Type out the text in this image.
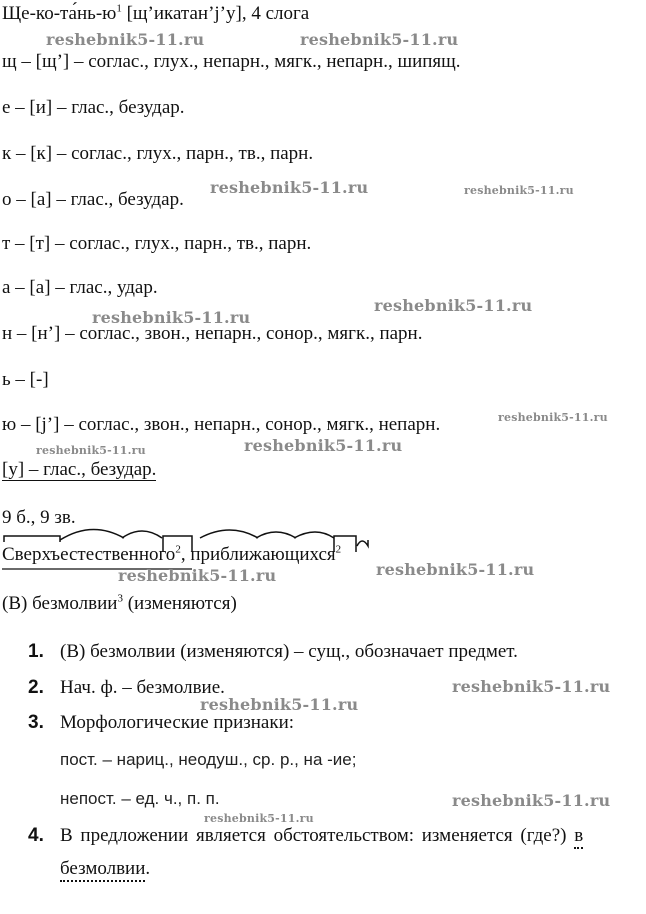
$Ще-ко-та́нь-ю^1$ [щ’икатан’j’у], 4 слога
щ – [щ’] – соглас., глух., непарн., мягк., непарн., шипящ.
е – [и] – глас., безудар.
к – [к] – соглас., глух., парн., тв., парн.
о – [а] – глас., безудар.
т – [т] – соглас., глух., парн., тв., парн.
а – [а] – глас., удар.
н – [н’] – соглас., звон., непарн., сонор., мягк., парн.
ь – [-]
ю – [j’] – соглас., звон., непарн., сонор., мягк., непарн.
[у] – глас., безудар.
9 б., 9 зв.
Сверхъестественного$^2$, приближающихся$^2$
(В) безмолвии$^3$ (изменяются)
1. (В) безмолвии (изменяются) – сущ., обозначает предмет.
2. Нач. ф. – безмолвие.
3. Морфологические признаки:
пост. – нариц., неодуш., ср. р., на -ие;
непост. – ед. ч., п. п.
4. В предложении является обстоятельством: изменяется (где?) в
безмолвии.
reshebnik5-11.ru	reshebnik5-11.ru
reshebnik5-11.ru	reshebnik5-11.ru
reshebnik5-11.ru
reshebnik5-11.ru
reshebnik5-11.ru
reshebnik5-11.ru	reshebnik5-11.ru
reshebnik5-11.ru
reshebnik5-11.ru
reshebnik5-11.ru
reshebnik5-11.ru
reshebnik5-11.ru
reshebnik5-11.ru
